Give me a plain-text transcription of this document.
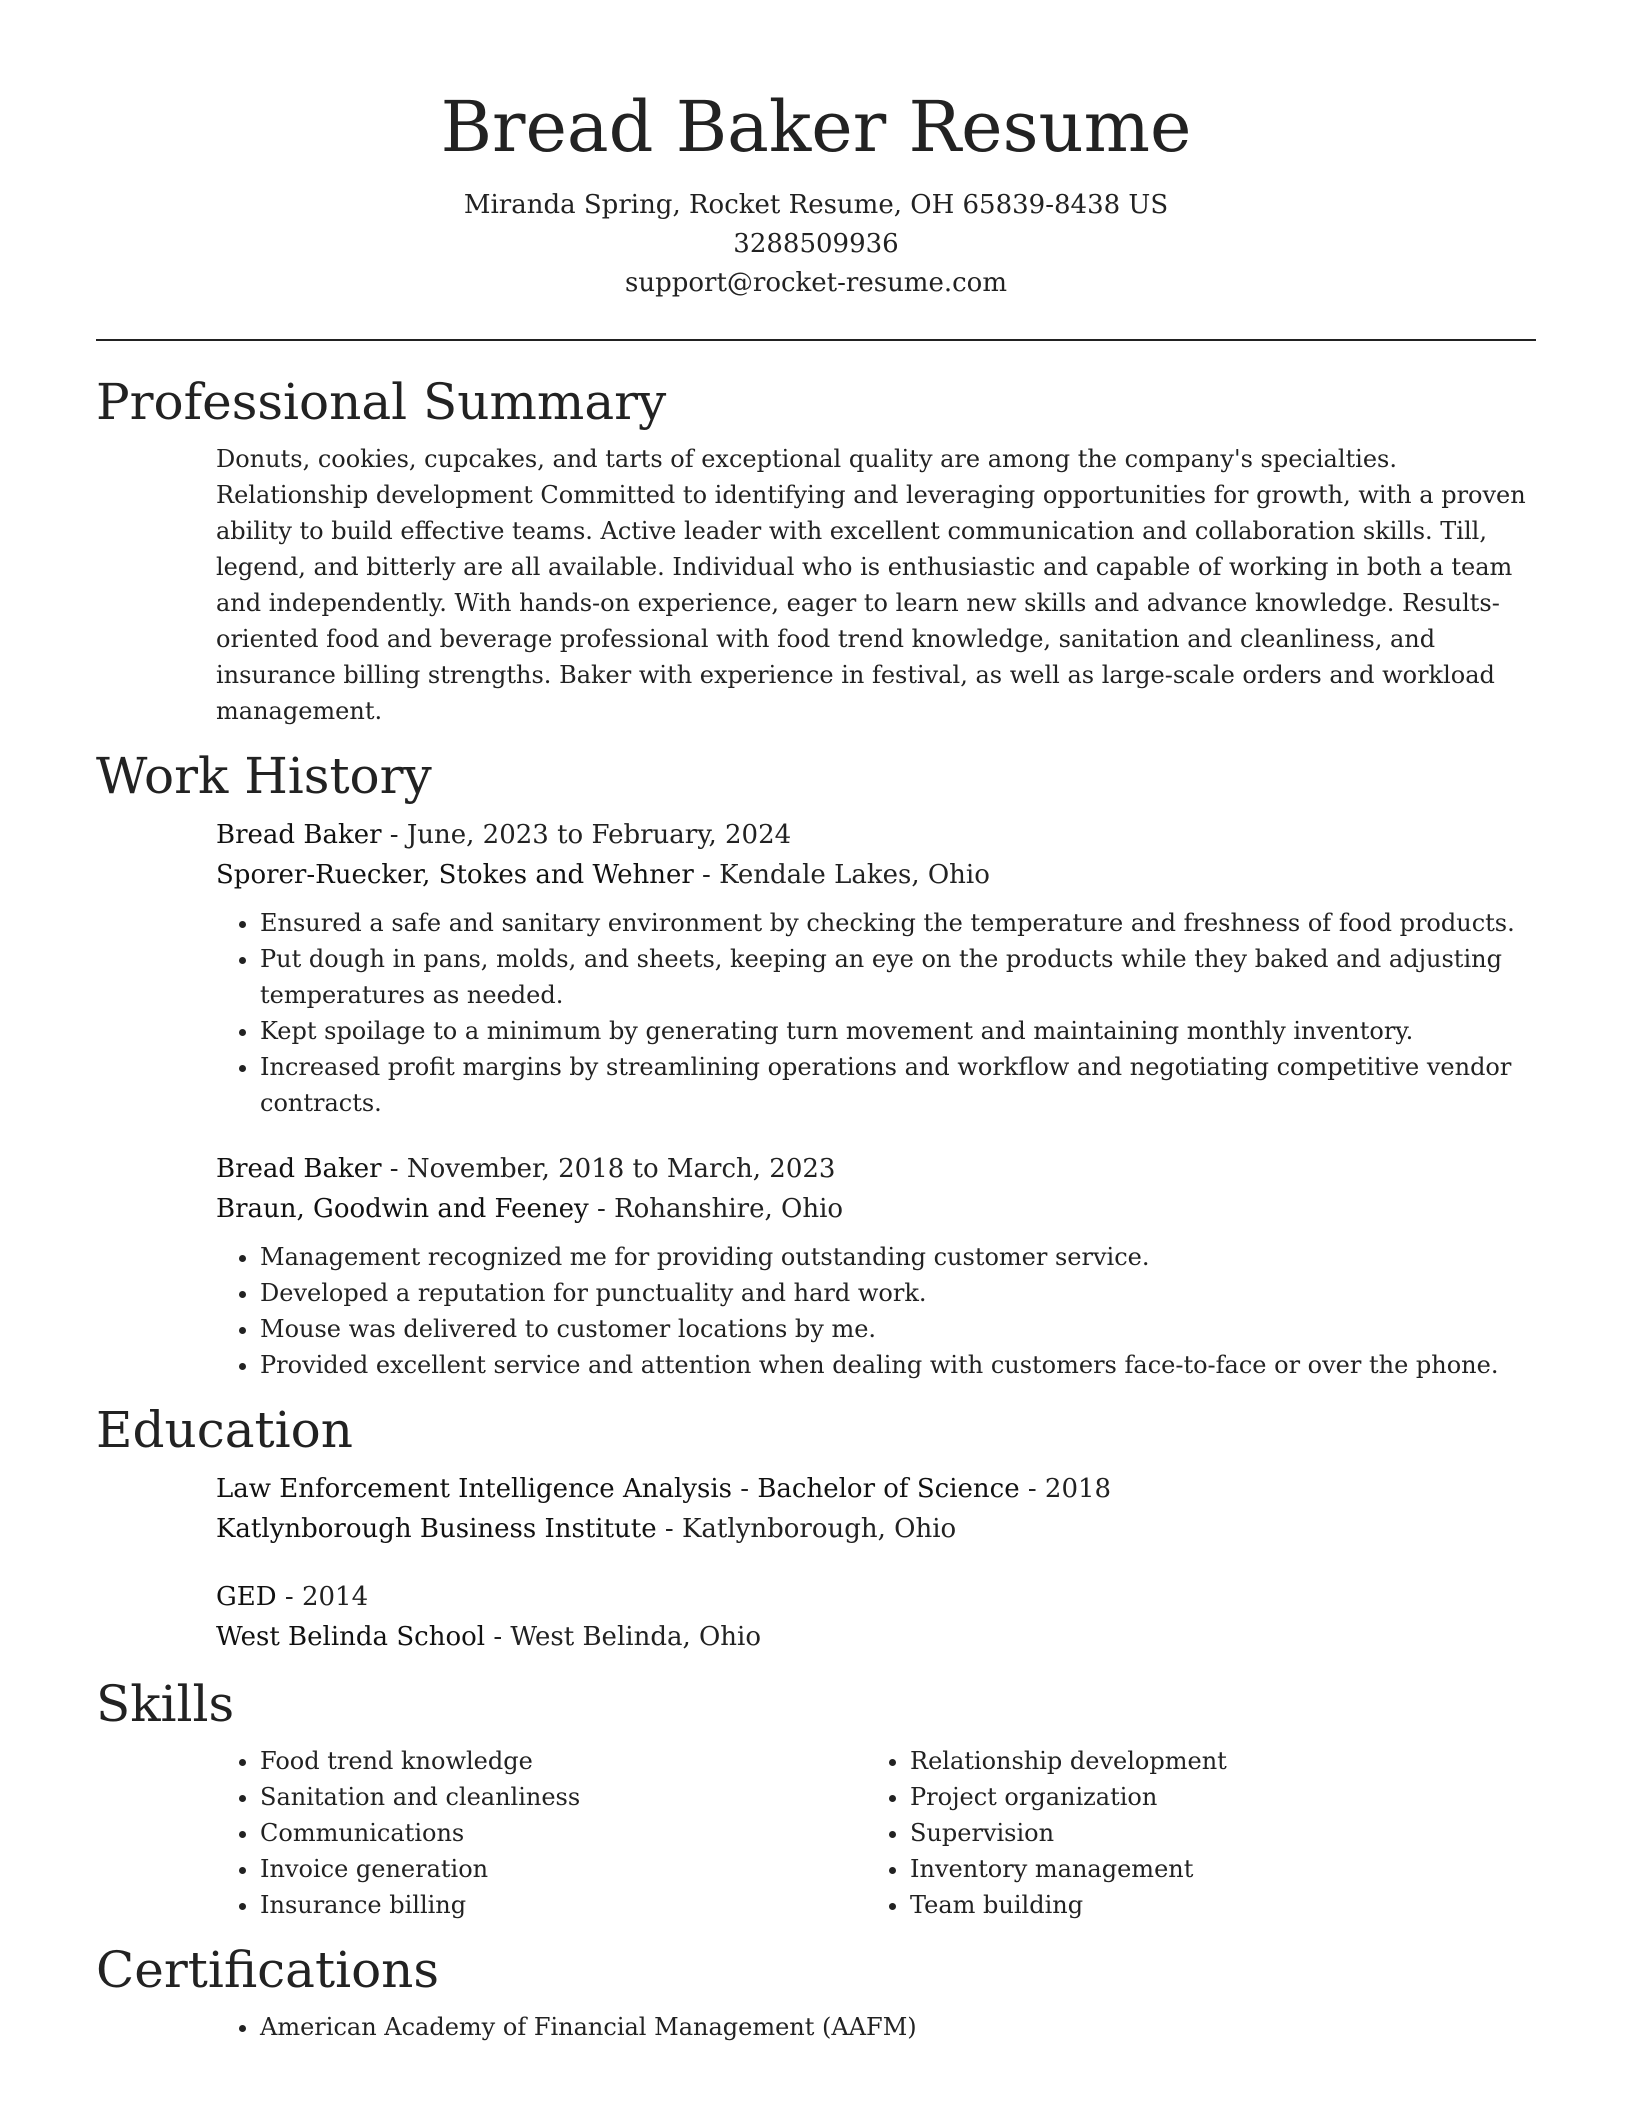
Bread Baker Resume
Miranda Spring, Rocket Resume, OH 65839-8438 US
3288509936
support@rocket-resume.com
Professional Summary

Donuts, cookies, cupcakes, and tarts of exceptional quality are among the company's specialties. Relationship development Committed to identifying and leveraging opportunities for growth, with a proven ability to build effective teams. Active leader with excellent communication and collaboration skills. Till, legend, and bitterly are all available. Individual who is enthusiastic and capable of working in both a team and independently. With hands-on experience, eager to learn new skills and advance knowledge. Results-oriented food and beverage professional with food trend knowledge, sanitation and cleanliness, and insurance billing strengths. Baker with experience in festival, as well as large-scale orders and workload management.

Work History
Bread Baker - June, 2023 to February, 2024
Sporer-Ruecker, Stokes and Wehner - Kendale Lakes, Ohio
• Ensured a safe and sanitary environment by checking the temperature and freshness of food products.
• Put dough in pans, molds, and sheets, keeping an eye on the products while they baked and adjusting temperatures as needed.
• Kept spoilage to a minimum by generating turn movement and maintaining monthly inventory.
• Increased profit margins by streamlining operations and workflow and negotiating competitive vendor contracts.
Bread Baker - November, 2018 to March, 2023
Braun, Goodwin and Feeney - Rohanshire, Ohio
• Management recognized me for providing outstanding customer service.
• Developed a reputation for punctuality and hard work.
• Mouse was delivered to customer locations by me.
• Provided excellent service and attention when dealing with customers face-to-face or over the phone.
Education
Law Enforcement Intelligence Analysis - Bachelor of Science - 2018
Katlynborough Business Institute - Katlynborough, Ohio
GED - 2014
West Belinda School - West Belinda, Ohio
Skills
• Food trend knowledge
• Sanitation and cleanliness
• Communications
• Invoice generation
• Insurance billing
• Relationship development
• Project organization
• Supervision
• Inventory management
• Team building
Certifications
• American Academy of Financial Management (AAFM)
